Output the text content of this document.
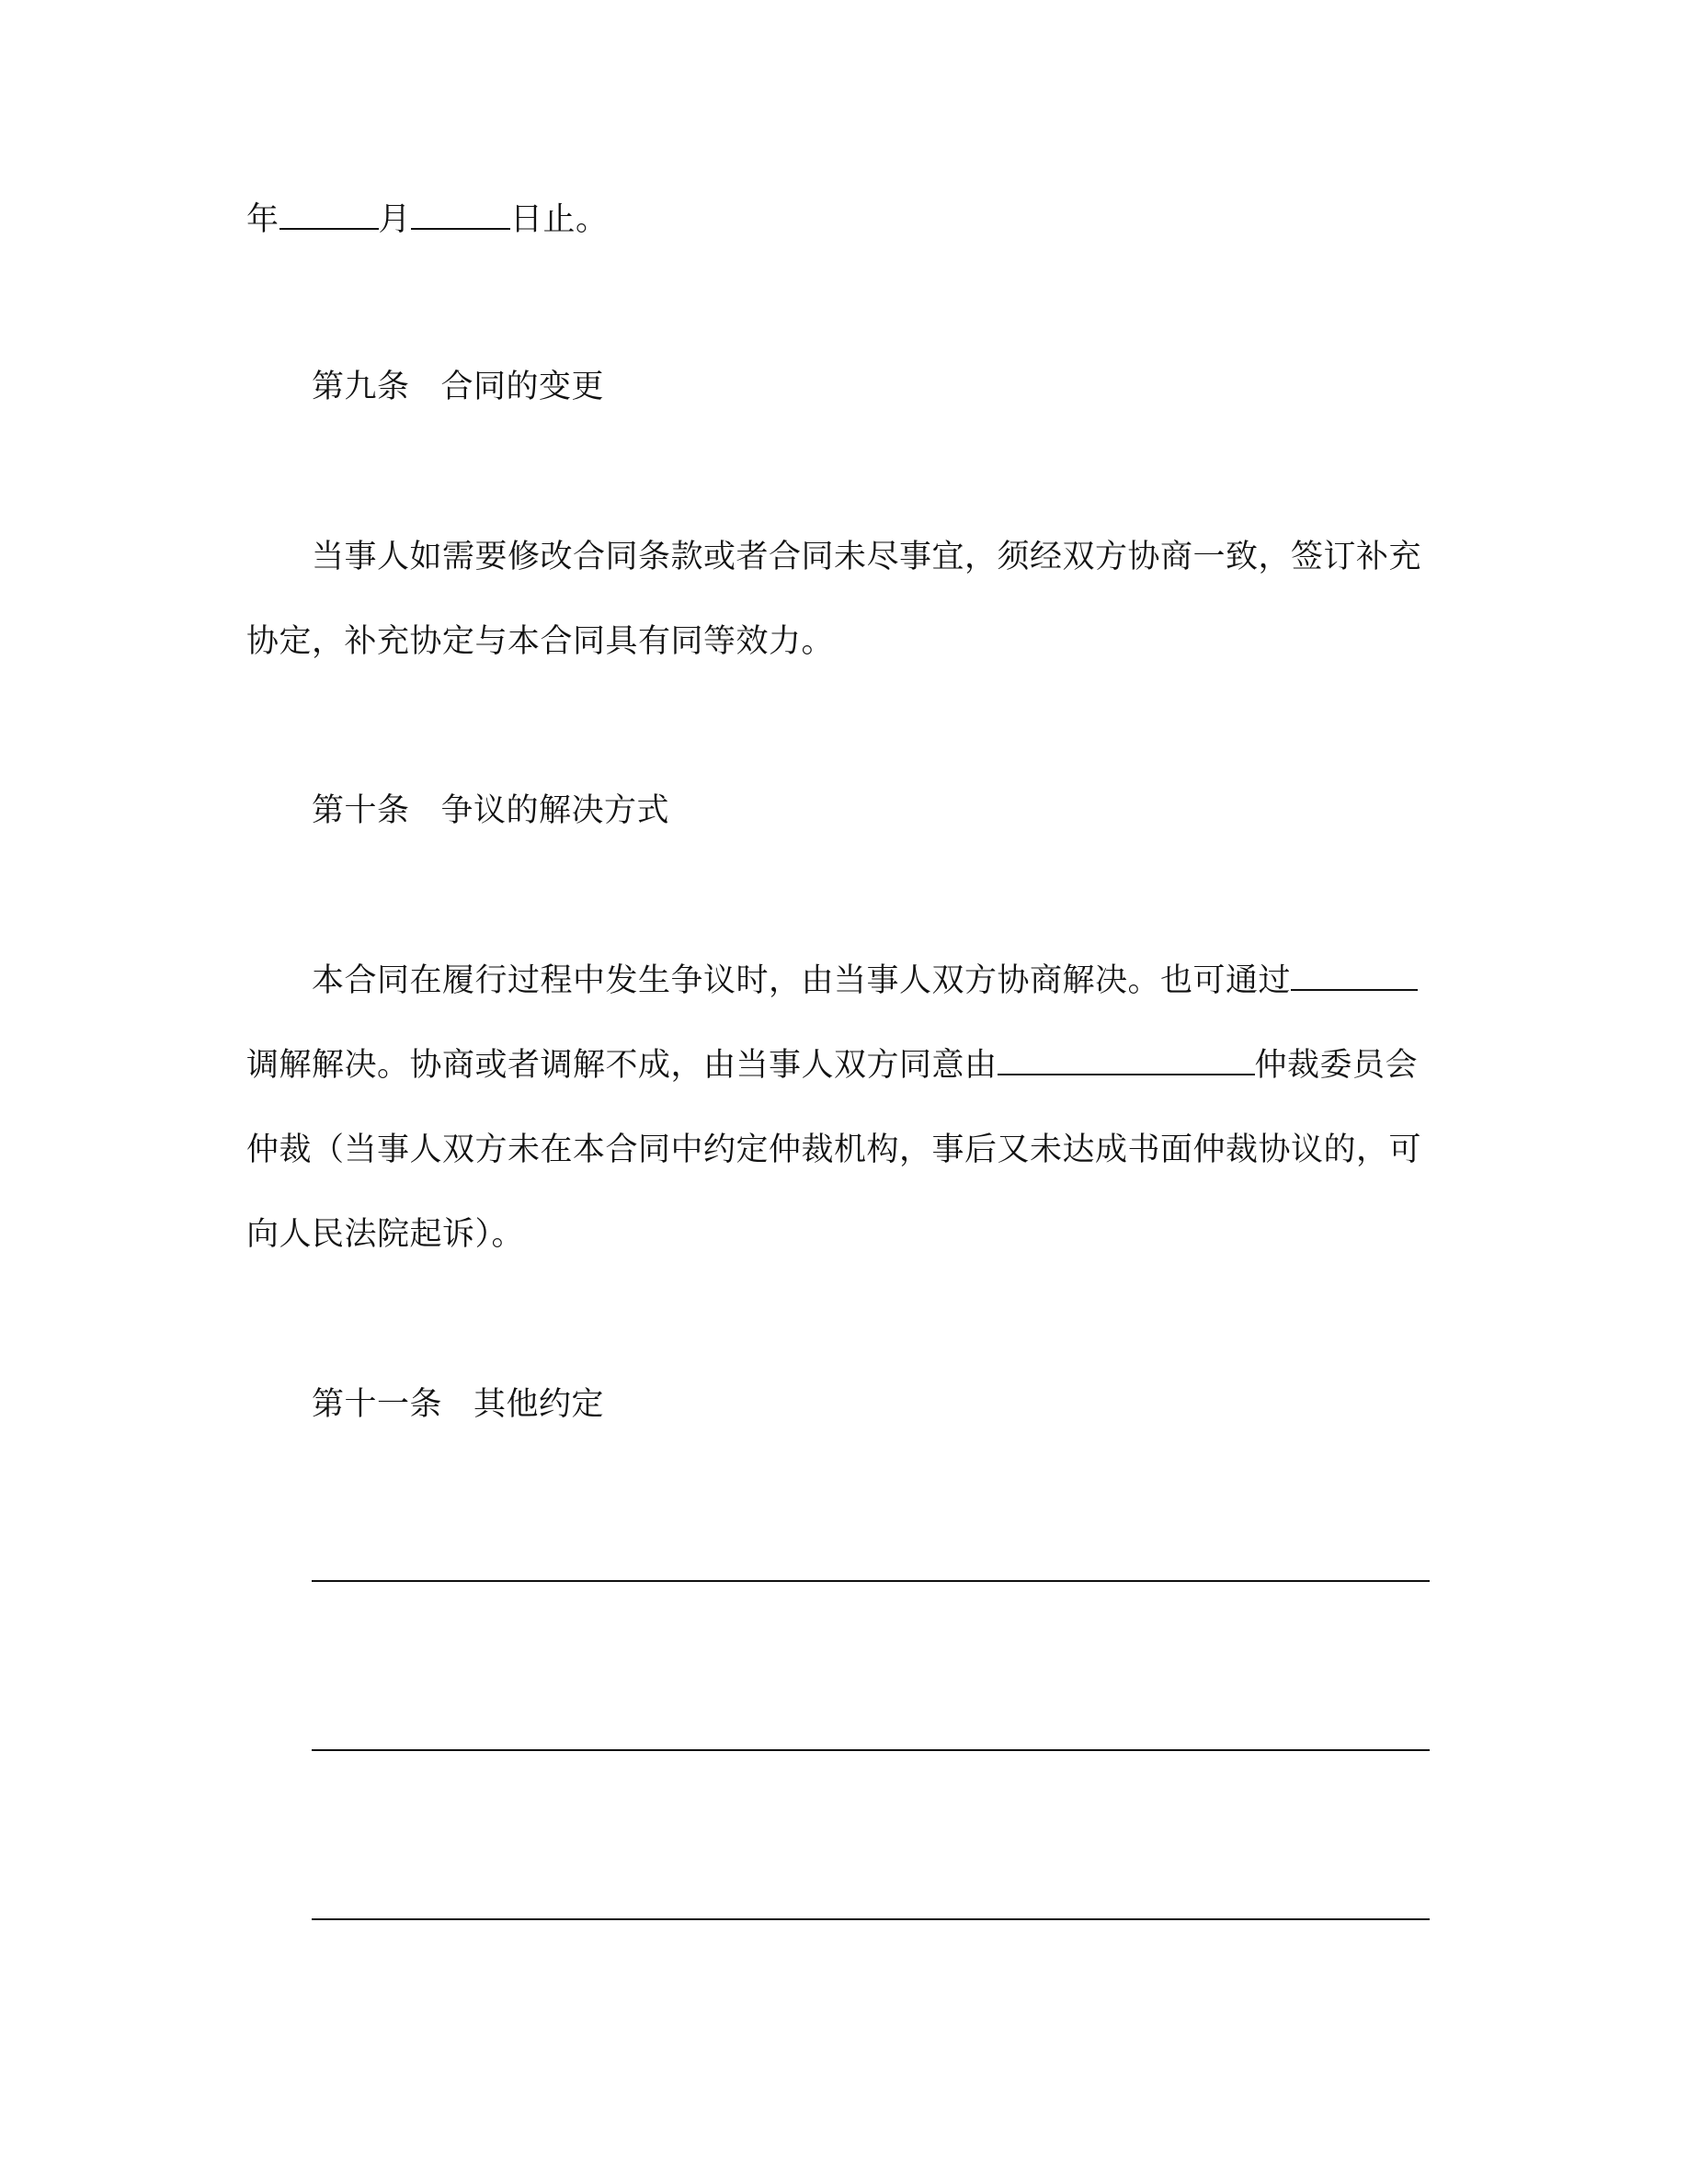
年	月	日止。
第九条 合同的变更
当事人如需要修改合同条款或者合同未尽事宜，须经双方协商一致，签订补充
协定，补充协定与本合同具有同等效力。
第十条 争议的解决方式
本合同在履行过程中发生争议时，由当事人双方协商解决。也可通过
调解解决。协商或者调解不成，由当事人双方同意由	仲裁委员会
仲裁（当事人双方未在本合同中约定仲裁机构，事后又未达成书面仲裁协议的，可
向人民法院起诉）。
第十一条 其他约定
